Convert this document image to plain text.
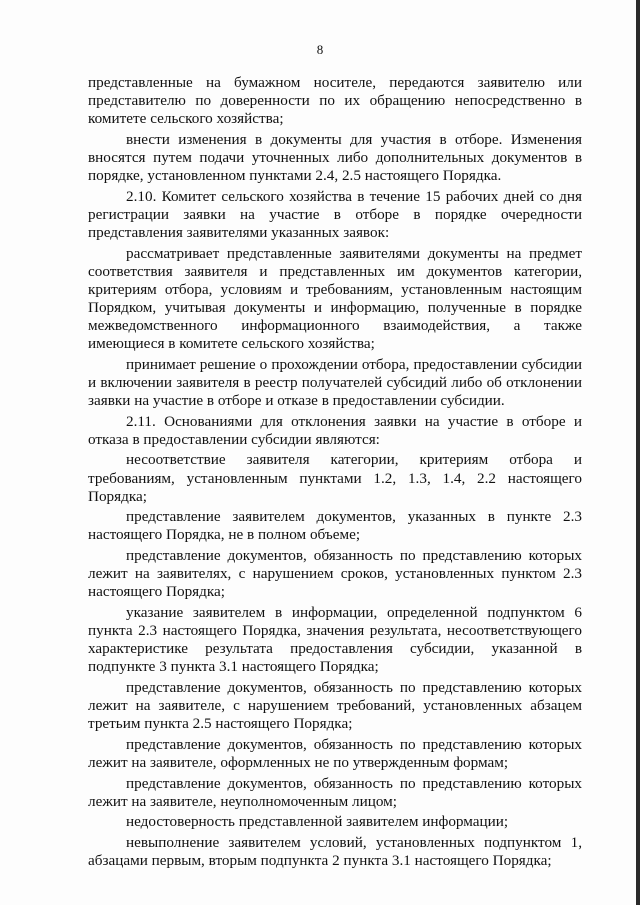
8

представленные на бумажном носителе, передаются заявителю или представителю по доверенности по их обращению непосредственно в комитете сельского хозяйства;

внести изменения в документы для участия в отборе. Изменения вносятся путем подачи уточненных либо дополнительных документов в порядке, установленном пунктами 2.4, 2.5 настоящего Порядка.

2.10. Комитет сельского хозяйства в течение 15 рабочих дней со дня регистрации заявки на участие в отборе в порядке очередности представления заявителями указанных заявок:

рассматривает представленные заявителями документы на предмет соответствия заявителя и представленных им документов категории, критериям отбора, условиям и требованиям, установленным настоящим Порядком, учитывая документы и информацию, полученные в порядке межведомственного информационного взаимодействия, а также имеющиеся в комитете сельского хозяйства;

принимает решение о прохождении отбора, предоставлении субсидии и включении заявителя в реестр получателей субсидий либо об отклонении заявки на участие в отборе и отказе в предоставлении субсидии.

2.11. Основаниями для отклонения заявки на участие в отборе и отказа в предоставлении субсидии являются:

несоответствие заявителя категории, критериям отбора и требованиям, установленным пунктами 1.2, 1.3, 1.4, 2.2 настоящего Порядка;

представление заявителем документов, указанных в пункте 2.3 настоящего Порядка, не в полном объеме;

представление документов, обязанность по представлению которых лежит на заявителях, с нарушением сроков, установленных пунктом 2.3 настоящего Порядка;

указание заявителем в информации, определенной подпунктом 6 пункта 2.3 настоящего Порядка, значения результата, несоответствующего характеристике результата предоставления субсидии, указанной в подпункте 3 пункта 3.1 настоящего Порядка;

представление документов, обязанность по представлению которых лежит на заявителе, с нарушением требований, установленных абзацем третьим пункта 2.5 настоящего Порядка;

представление документов, обязанность по представлению которых лежит на заявителе, оформленных не по утвержденным формам;

представление документов, обязанность по представлению которых лежит на заявителе, неуполномоченным лицом;

недостоверность представленной заявителем информации;

невыполнение заявителем условий, установленных подпунктом 1, абзацами первым, вторым подпункта 2 пункта 3.1 настоящего Порядка;
